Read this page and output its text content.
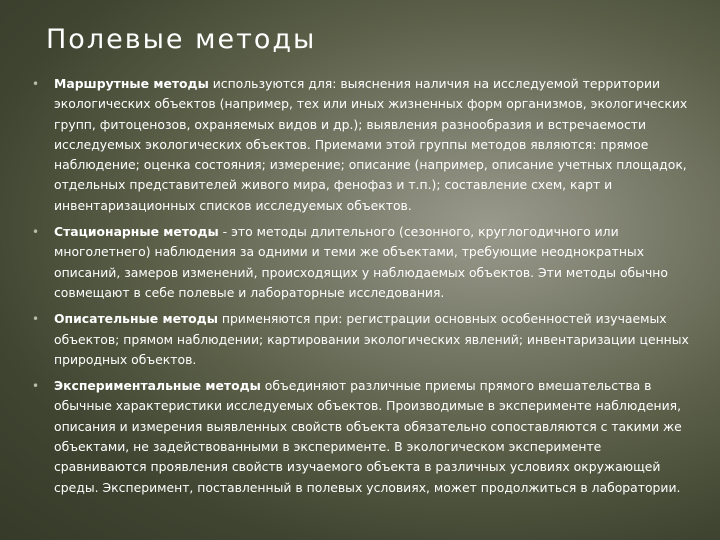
Полевые методы
• Маршрутные методы используются для: выяснения наличия на исследуемой территории экологических объектов (например, тех или иных жизненных форм организмов, экологических групп, фитоценозов, охраняемых видов и др.); выявления разнообразия и встречаемости исследуемых экологических объектов. Приемами этой группы методов являются: прямое наблюдение; оценка состояния; измерение; описание (например, описание учетных площадок, отдельных представителей живого мира, фенофаз и т.п.); составление схем, карт и инвентаризационных списков исследуемых объектов.
• Стационарные методы - это методы длительного (сезонного, круглогодичного или многолетнего) наблюдения за одними и теми же объектами, требующие неоднократных описаний, замеров изменений, происходящих у наблюдаемых объектов. Эти методы обычно совмещают в себе полевые и лабораторные исследования.
• Описательные методы применяются при: регистрации основных особенностей изучаемых объектов; прямом наблюдении; картировании экологических явлений; инвентаризации ценных природных объектов.
• Экспериментальные методы объединяют различные приемы прямого вмешательства в обычные характеристики исследуемых объектов. Производимые в эксперименте наблюдения, описания и измерения выявленных свойств объекта обязательно сопоставляются с такими же объектами, не задействованными в эксперименте. В экологическом эксперименте сравниваются проявления свойств изучаемого объекта в различных условиях окружающей среды. Эксперимент, поставленный в полевых условиях, может продолжиться в лаборатории.
